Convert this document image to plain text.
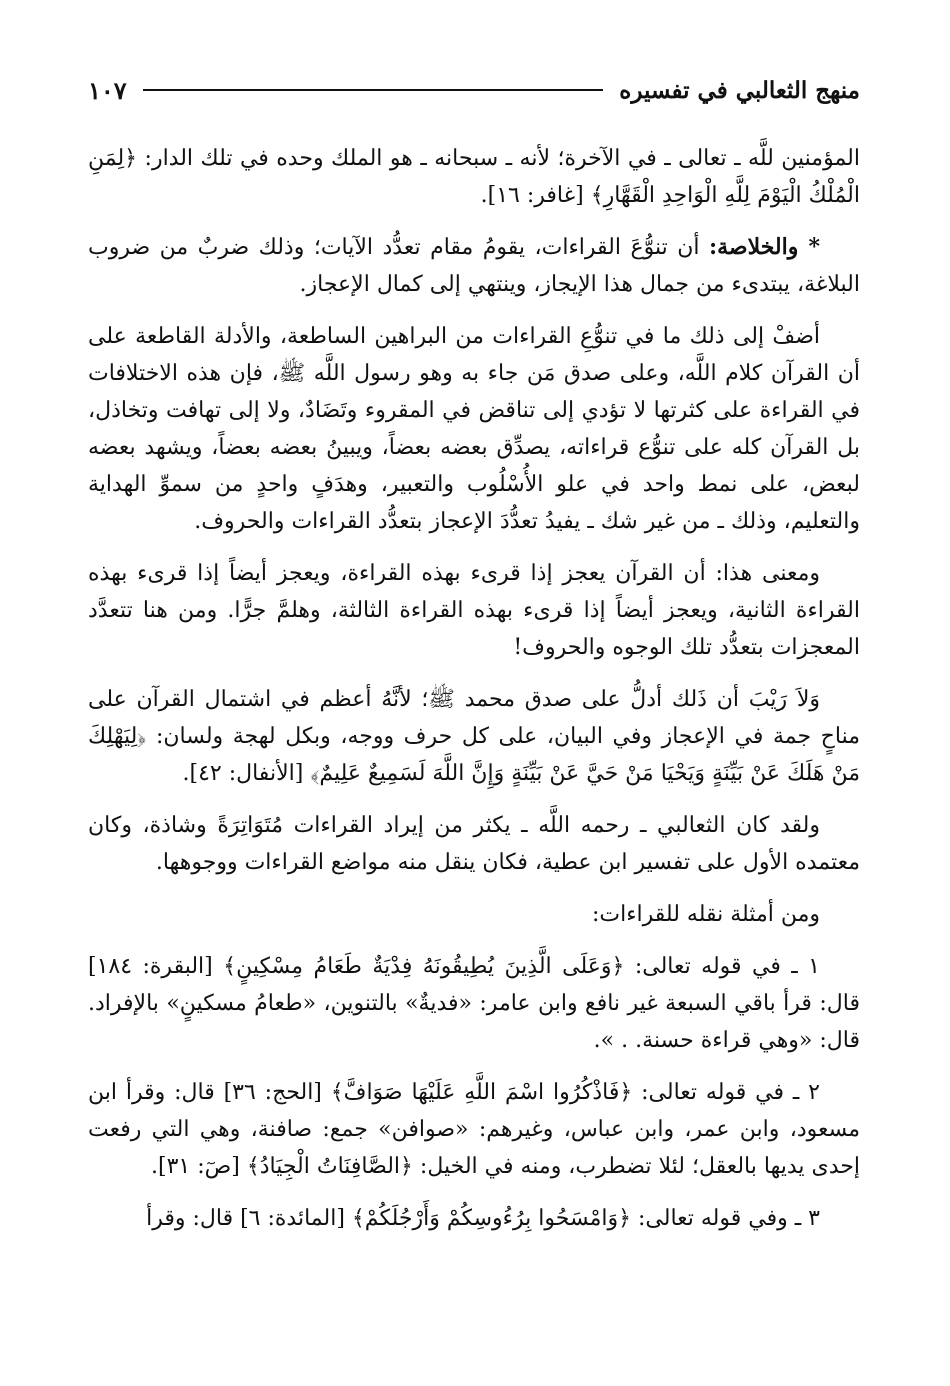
منهج الثعالبي في تفسيره
١٠٧

المؤمنين للَّه ـ تعالى ـ في الآخرة؛ لأنه ـ سبحانه ـ هو الملك وحده في تلك الدار: ﴿لِمَنِ الْمُلْكُ الْيَوْمَ لِلَّهِ الْوَاحِدِ الْقَهَّارِ﴾ [غافر: ١٦].

* والخلاصة: أن تنوُّعَ القراءات، يقومُ مقام تعدُّد الآيات؛ وذلك ضربٌ من ضروب البلاغة، يبتدىء من جمال هذا الإيجاز، وينتهي إلى كمال الإعجاز.

أضفْ إلى ذلك ما في تنوُّعِ القراءات من البراهين الساطعة، والأدلة القاطعة على أن القرآن كلام اللَّه، وعلى صدق مَن جاء به وهو رسول اللَّه ﷺ، فإن هذه الاختلافات في القراءة على كثرتها لا تؤدي إلى تناقض في المقروء وتَضَادٌ، ولا إلى تهافت وتخاذل، بل القرآن كله على تنوُّع قراءاته، يصدِّق بعضه بعضاً، ويبينُ بعضه بعضاً، ويشهد بعضه لبعض، على نمط واحد في علو الأُسْلُوب والتعبير، وهدَفٍ واحدٍ من سموِّ الهداية والتعليم، وذلك ـ من غير شك ـ يفيدُ تعدُّدَ الإعجاز بتعدُّد القراءات والحروف.

ومعنى هذا: أن القرآن يعجز إذا قرىء بهذه القراءة، ويعجز أيضاً إذا قرىء بهذه القراءة الثانية، ويعجز أيضاً إذا قرىء بهذه القراءة الثالثة، وهلمَّ جرًّا. ومن هنا تتعدَّد المعجزات بتعدُّد تلك الوجوه والحروف!

وَلاَ رَيْبَ أن ذَلك أدلُّ على صدق محمد ﷺ؛ لأنَّهُ أعظم في اشتمال القرآن على مناحٍ جمة في الإعجاز وفي البيان، على كل حرف ووجه، وبكل لهجة ولسان: ﴿لِيَهْلِكَ مَنْ هَلَكَ عَنْ بَيِّنَةٍ وَيَحْيَا مَنْ حَيَّ عَنْ بَيِّنَةٍ وَإِنَّ اللَّهَ لَسَمِيعٌ عَلِيمٌ﴾ [الأنفال: ٤٢].

ولقد كان الثعالبي ـ رحمه اللَّه ـ يكثر من إيراد القراءات مُتَوَاتِرَةً وشاذة، وكان معتمده الأول على تفسير ابن عطية، فكان ينقل منه مواضع القراءات ووجوهها.

ومن أمثلة نقله للقراءات:

١ ـ في قوله تعالى: ﴿وَعَلَى الَّذِينَ يُطِيقُونَهُ فِدْيَةٌ طَعَامُ مِسْكِينٍ﴾ [البقرة: ١٨٤] قال: قرأ باقي السبعة غير نافع وابن عامر: «فديةٌ» بالتنوين، «طعامُ مسكينٍ» بالإفراد. قال: «وهي قراءة حسنة. . ».

٢ ـ في قوله تعالى: ﴿فَاذْكُرُوا اسْمَ اللَّهِ عَلَيْهَا صَوَافَّ﴾ [الحج: ٣٦] قال: وقرأ ابن مسعود، وابن عمر، وابن عباس، وغيرهم: «صوافن» جمع: صافنة، وهي التي رفعت إحدى يديها بالعقل؛ لئلا تضطرب، ومنه في الخيل: ﴿الصَّافِنَاتُ الْجِيَادُ﴾ [صٓ: ٣١].

٣ ـ وفي قوله تعالى: ﴿وَامْسَحُوا بِرُءُوسِكُمْ وَأَرْجُلَكُمْ﴾ [المائدة: ٦] قال: وقرأ
